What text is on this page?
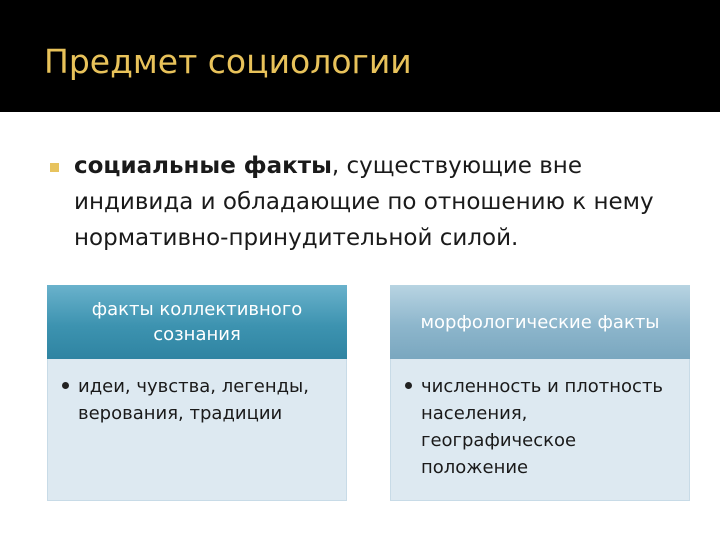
Предмет социологии
социальные факты, существующие вне индивида и обладающие по отношению к нему нормативно-принудительной силой.
факты коллективного сознания
идеи, чувства, легенды, верования, традиции
морфологические факты
численность и плотность населения, географическое положение
